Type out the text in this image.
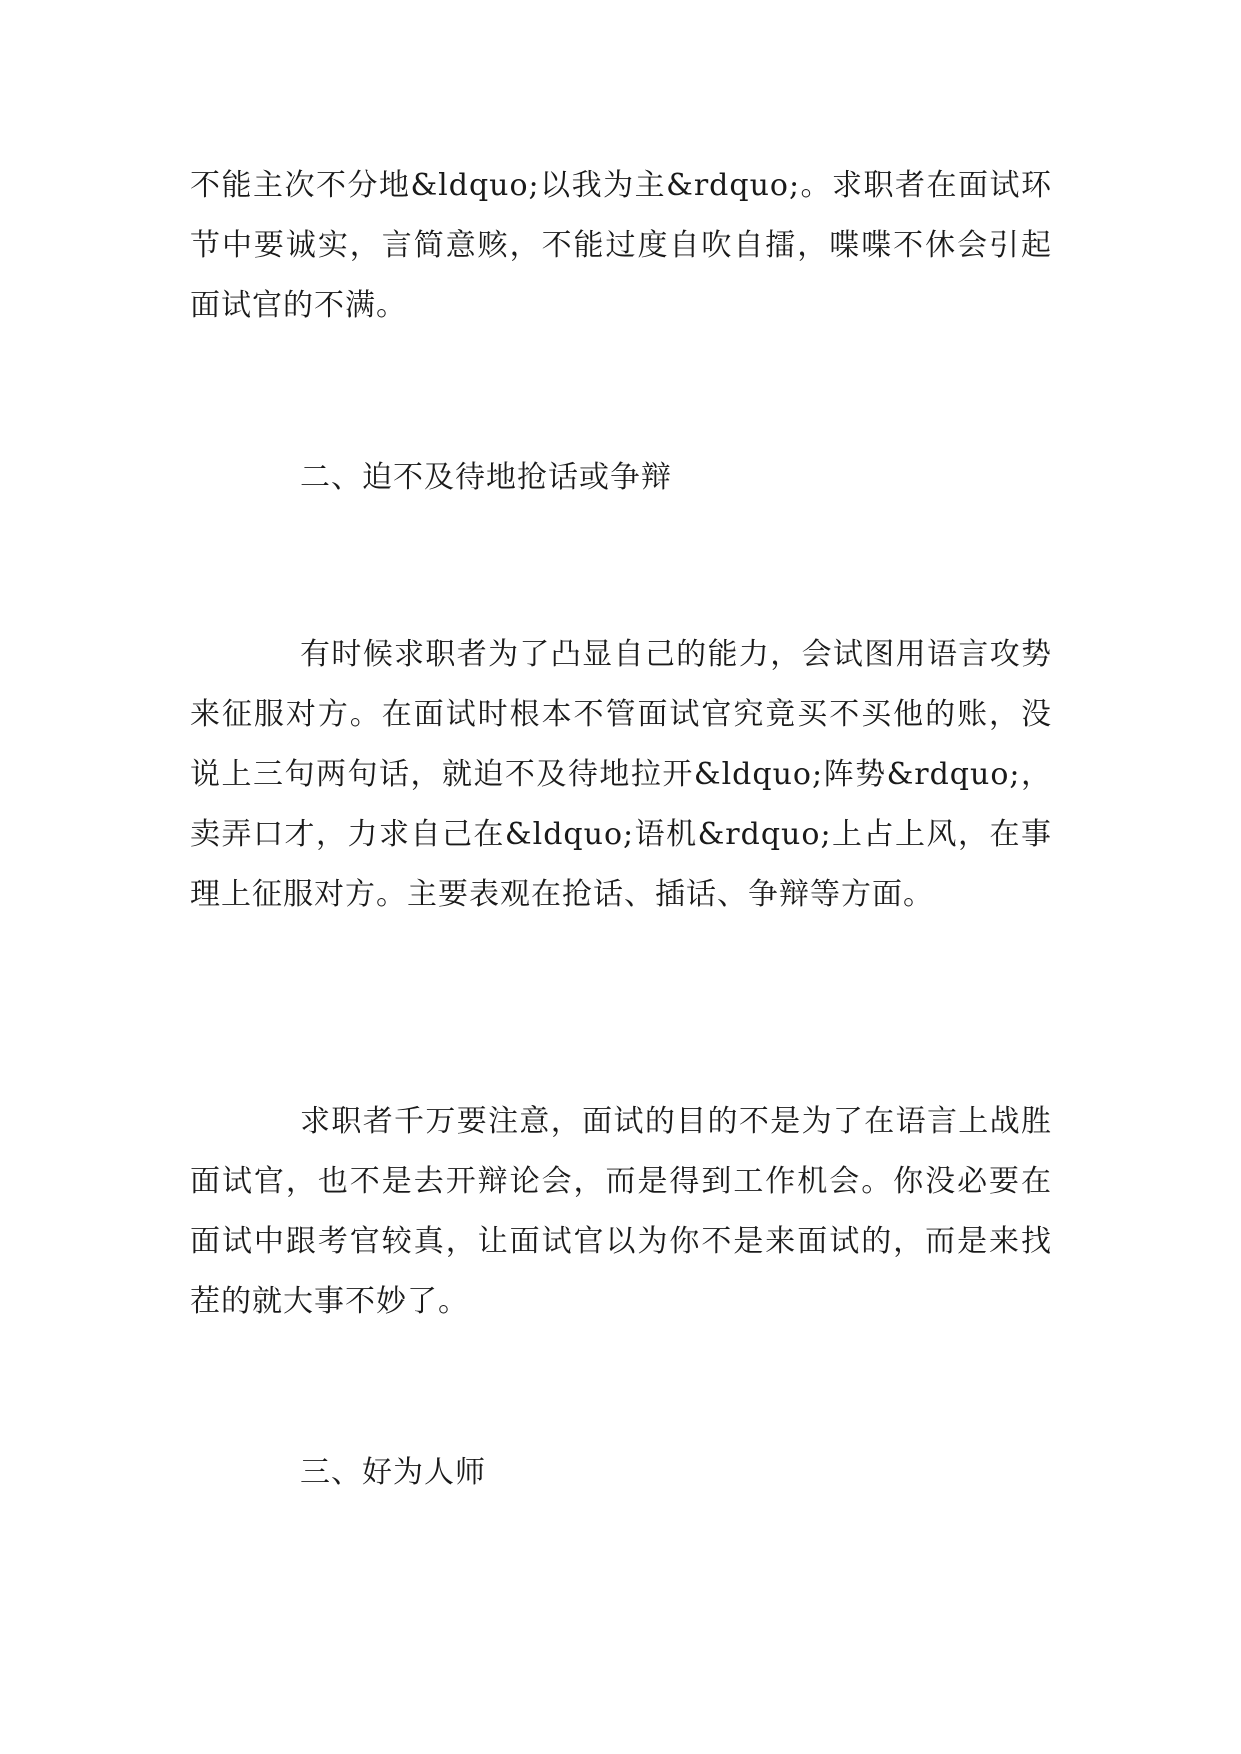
不能主次不分地&ldquo;以我为主&rdquo;。求职者在面试环节中要诚实，言简意赅，不能过度自吹自擂，喋喋不休会引起面试官的不满。

二、迫不及待地抢话或争辩

有时候求职者为了凸显自己的能力，会试图用语言攻势来征服对方。在面试时根本不管面试官究竟买不买他的账，没说上三句两句话，就迫不及待地拉开&ldquo;阵势&rdquo;，卖弄口才，力求自己在&ldquo;语机&rdquo;上占上风，在事理上征服对方。主要表观在抢话、插话、争辩等方面。

求职者千万要注意，面试的目的不是为了在语言上战胜面试官，也不是去开辩论会，而是得到工作机会。你没必要在面试中跟考官较真，让面试官以为你不是来面试的，而是来找茬的就大事不妙了。

三、好为人师
